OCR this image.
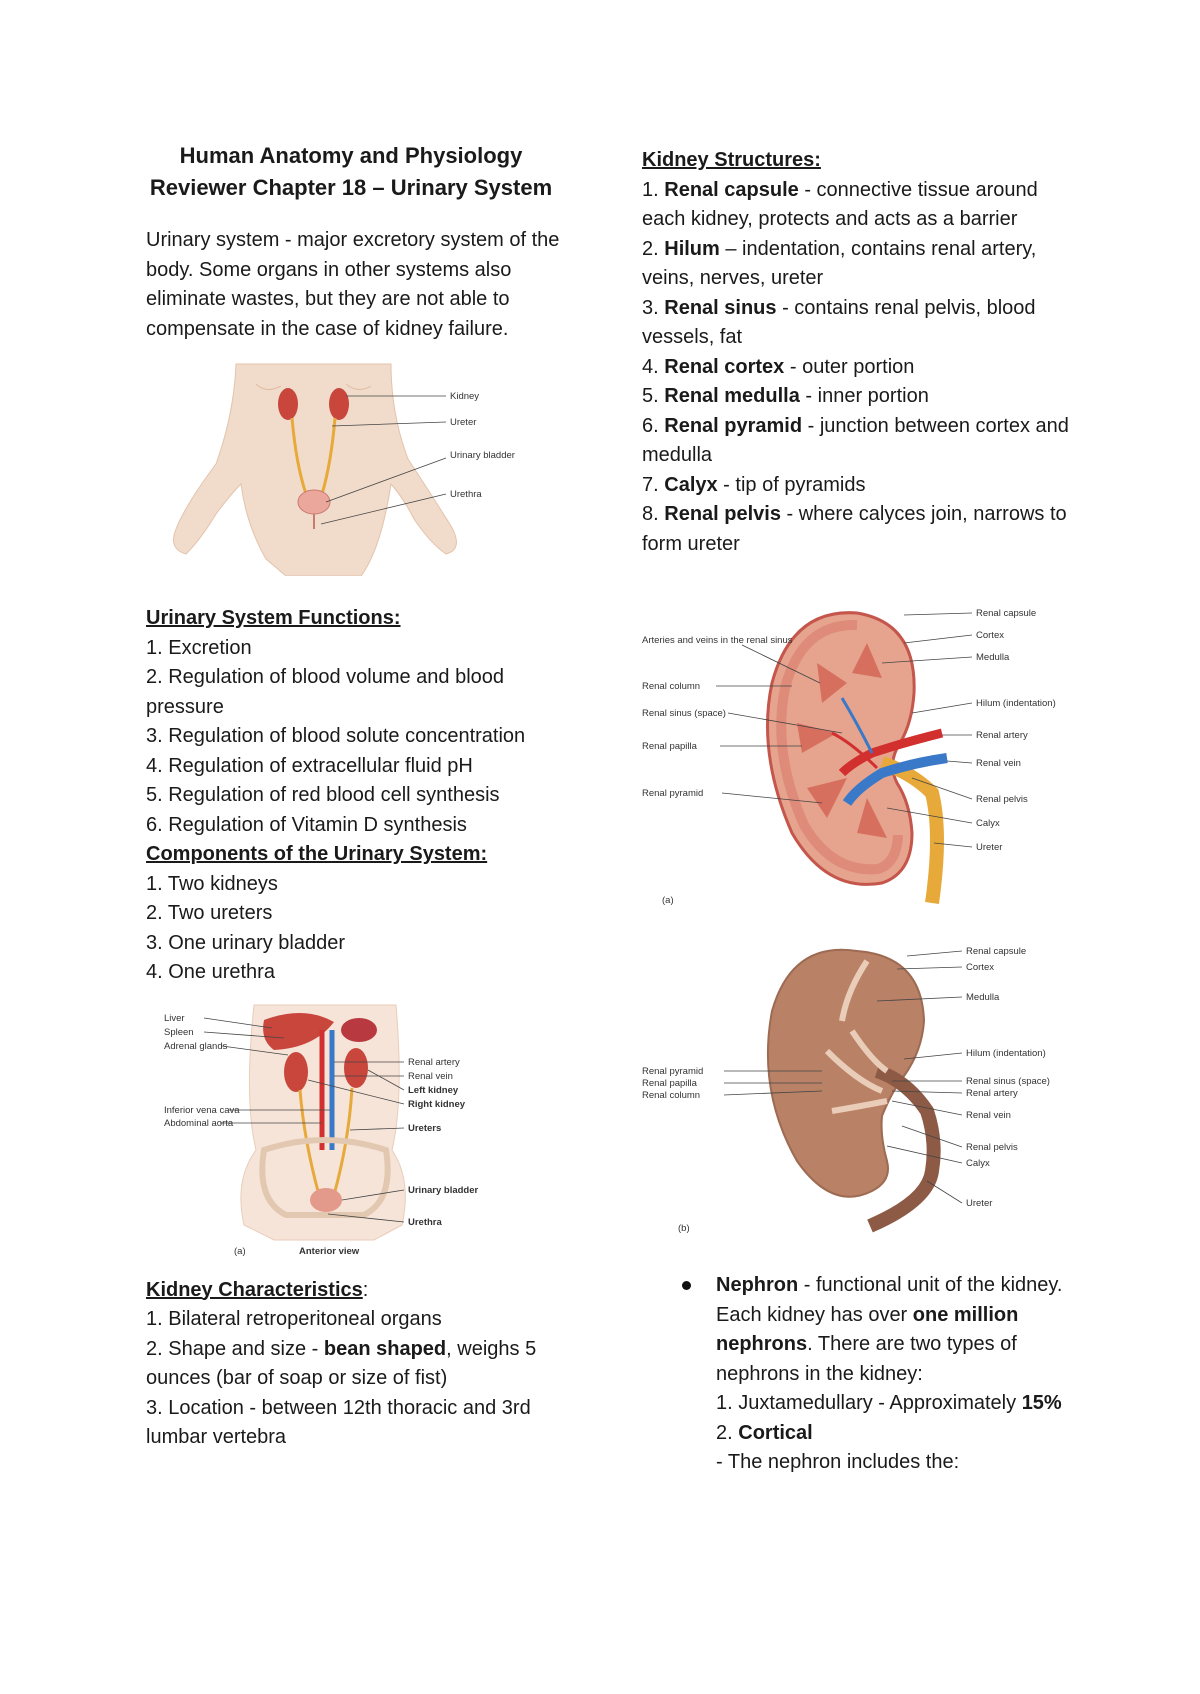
Human Anatomy and Physiology Reviewer Chapter 18 – Urinary System

Urinary system - major excretory system of the body. Some organs in other systems also eliminate wastes, but they are not able to compensate in the case of kidney failure.

Kidney
Ureter
Urinary bladder
Urethra
Urinary System Functions:
1. Excretion
2. Regulation of blood volume and blood pressure
3. Regulation of blood solute concentration
4. Regulation of extracellular fluid pH
5. Regulation of red blood cell synthesis
6. Regulation of Vitamin D synthesis
Components of the Urinary System:
1. Two kidneys
2. Two ureters
3. One urinary bladder
4. One urethra
Liver
Spleen
Adrenal glands
Inferior vena cava
Abdominal aorta
Renal artery
Renal vein
Left kidney
Right kidney
Ureters
Urinary bladder
Urethra
(a)	Anterior view
Kidney Characteristics:
1. Bilateral retroperitoneal organs
2. Shape and size - bean shaped, weighs 5 ounces (bar of soap or size of fist)
3. Location - between 12th thoracic and 3rd lumbar vertebra
Kidney Structures:
1. Renal capsule - connective tissue around each kidney, protects and acts as a barrier
2. Hilum – indentation, contains renal artery, veins, nerves, ureter
3. Renal sinus - contains renal pelvis, blood vessels, fat
4. Renal cortex - outer portion
5. Renal medulla - inner portion
6. Renal pyramid - junction between cortex and medulla
7. Calyx - tip of pyramids
8. Renal pelvis - where calyces join, narrows to form ureter
Arteries and veins in the renal sinus
Renal column
Renal sinus (space)
Renal papilla
Renal pyramid
Renal capsule
Cortex
Medulla
Hilum (indentation)
Renal artery
Renal vein
Renal pelvis
Calyx
Ureter
(a)
Renal pyramid
Renal papilla
Renal column
Renal capsule
Cortex
Medulla
Hilum (indentation)
Renal sinus (space)
Renal artery
Renal vein
Renal pelvis
Calyx
Ureter
(b)
Nephron - functional unit of the kidney. Each kidney has over one million nephrons. There are two types of nephrons in the kidney:
1. Juxtamedullary - Approximately 15%
2. Cortical
- The nephron includes the:
